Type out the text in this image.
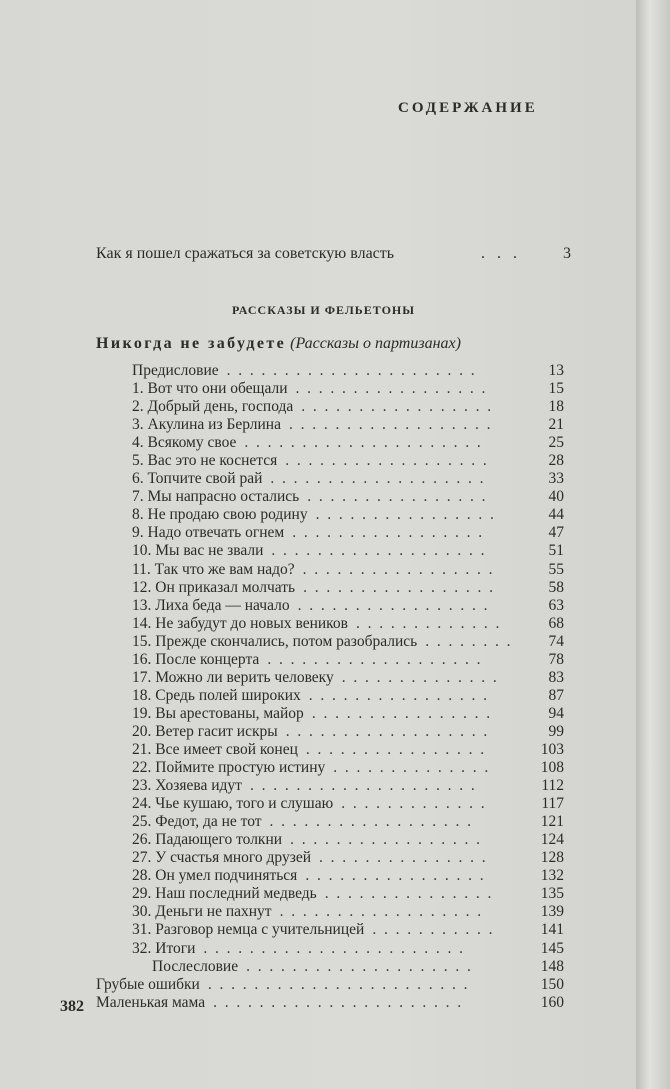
СОДЕРЖАНИЕ
Как я пошел сражаться за советскую власть	. . .	3
РАССКАЗЫ И ФЕЛЬЕТОНЫ
Никогда не забудете (Рассказы о партизанах)
Предисловие .  .  .  .  .  .  .  .  .  .  .  .  .  .  .  .  .  .  .  .  .  .	13
1. Вот что они обещали .  .  .  .  .  .  .  .  .  .  .  .  .  .  .  .  .	15
2. Добрый день, господа .  .  .  .  .  .  .  .  .  .  .  .  .  .  .  .  .	18
3. Акулина из Берлина .  .  .  .  .  .  .  .  .  .  .  .  .  .  .  .  .  .	21
4. Всякому свое .  .  .  .  .  .  .  .  .  .  .  .  .  .  .  .  .  .  .  .  .	25
5. Вас это не коснется .  .  .  .  .  .  .  .  .  .  .  .  .  .  .  .  .  .	28
6. Топчите свой рай .  .  .  .  .  .  .  .  .  .  .  .  .  .  .  .  .  .  .	33
7. Мы напрасно остались .  .  .  .  .  .  .  .  .  .  .  .  .  .  .  .	40
8. Не продаю свою родину .  .  .  .  .  .  .  .  .  .  .  .  .  .  .  .	44
9. Надо отвечать огнем .  .  .  .  .  .  .  .  .  .  .  .  .  .  .  .  .	47
10. Мы вас не звали .  .  .  .  .  .  .  .  .  .  .  .  .  .  .  .  .  .  .	51
11. Так что же вам надо? .  .  .  .  .  .  .  .  .  .  .  .  .  .  .  .  .	55
12. Он приказал молчать .  .  .  .  .  .  .  .  .  .  .  .  .  .  .  .  .	58
13. Лиха беда — начало .  .  .  .  .  .  .  .  .  .  .  .  .  .  .  .  .	63
14. Не забудут до новых веников .  .  .  .  .  .  .  .  .  .  .  .  .	68
15. Прежде скончались, потом разобрались .  .  .  .  .  .  .  .	74
16. После концерта .  .  .  .  .  .  .  .  .  .  .  .  .  .  .  .  .  .  .	78
17. Можно ли верить человеку .  .  .  .  .  .  .  .  .  .  .  .  .  .	83
18. Средь полей широких .  .  .  .  .  .  .  .  .  .  .  .  .  .  .  .	87
19. Вы арестованы, майор .  .  .  .  .  .  .  .  .  .  .  .  .  .  .  .	94
20. Ветер гасит искры .  .  .  .  .  .  .  .  .  .  .  .  .  .  .  .  .  .	99
21. Все имеет свой конец .  .  .  .  .  .  .  .  .  .  .  .  .  .  .  .	103
22. Поймите простую истину .  .  .  .  .  .  .  .  .  .  .  .  .  .	108
23. Хозяева идут .  .  .  .  .  .  .  .  .  .  .  .  .  .  .  .  .  .  .  .	112
24. Чье кушаю, того и слушаю .  .  .  .  .  .  .  .  .  .  .  .  .	117
25. Федот, да не тот .  .  .  .  .  .  .  .  .  .  .  .  .  .  .  .  .  .	121
26. Падающего толкни .  .  .  .  .  .  .  .  .  .  .  .  .  .  .  .  .	124
27. У счастья много друзей .  .  .  .  .  .  .  .  .  .  .  .  .  .  .	128
28. Он умел подчиняться .  .  .  .  .  .  .  .  .  .  .  .  .  .  .  .	132
29. Наш последний медведь .  .  .  .  .  .  .  .  .  .  .  .  .  .  .	135
30. Деньги не пахнут .  .  .  .  .  .  .  .  .  .  .  .  .  .  .  .  .  .	139
31. Разговор немца с учительницей .  .  .  .  .  .  .  .  .  .  .	141
32. Итоги .  .  .  .  .  .  .  .  .  .  .  .  .  .  .  .  .  .  .  .  .  .  .	145
Послесловие .  .  .  .  .  .  .  .  .  .  .  .  .  .  .  .  .  .  .  .	148
Грубые ошибки .  .  .  .  .  .  .  .  .  .  .  .  .  .  .  .  .  .  .  .  .  .  .	150
Маленькая мама .  .  .  .  .  .  .  .  .  .  .  .  .  .  .  .  .  .  .  .  .  .	160
382
